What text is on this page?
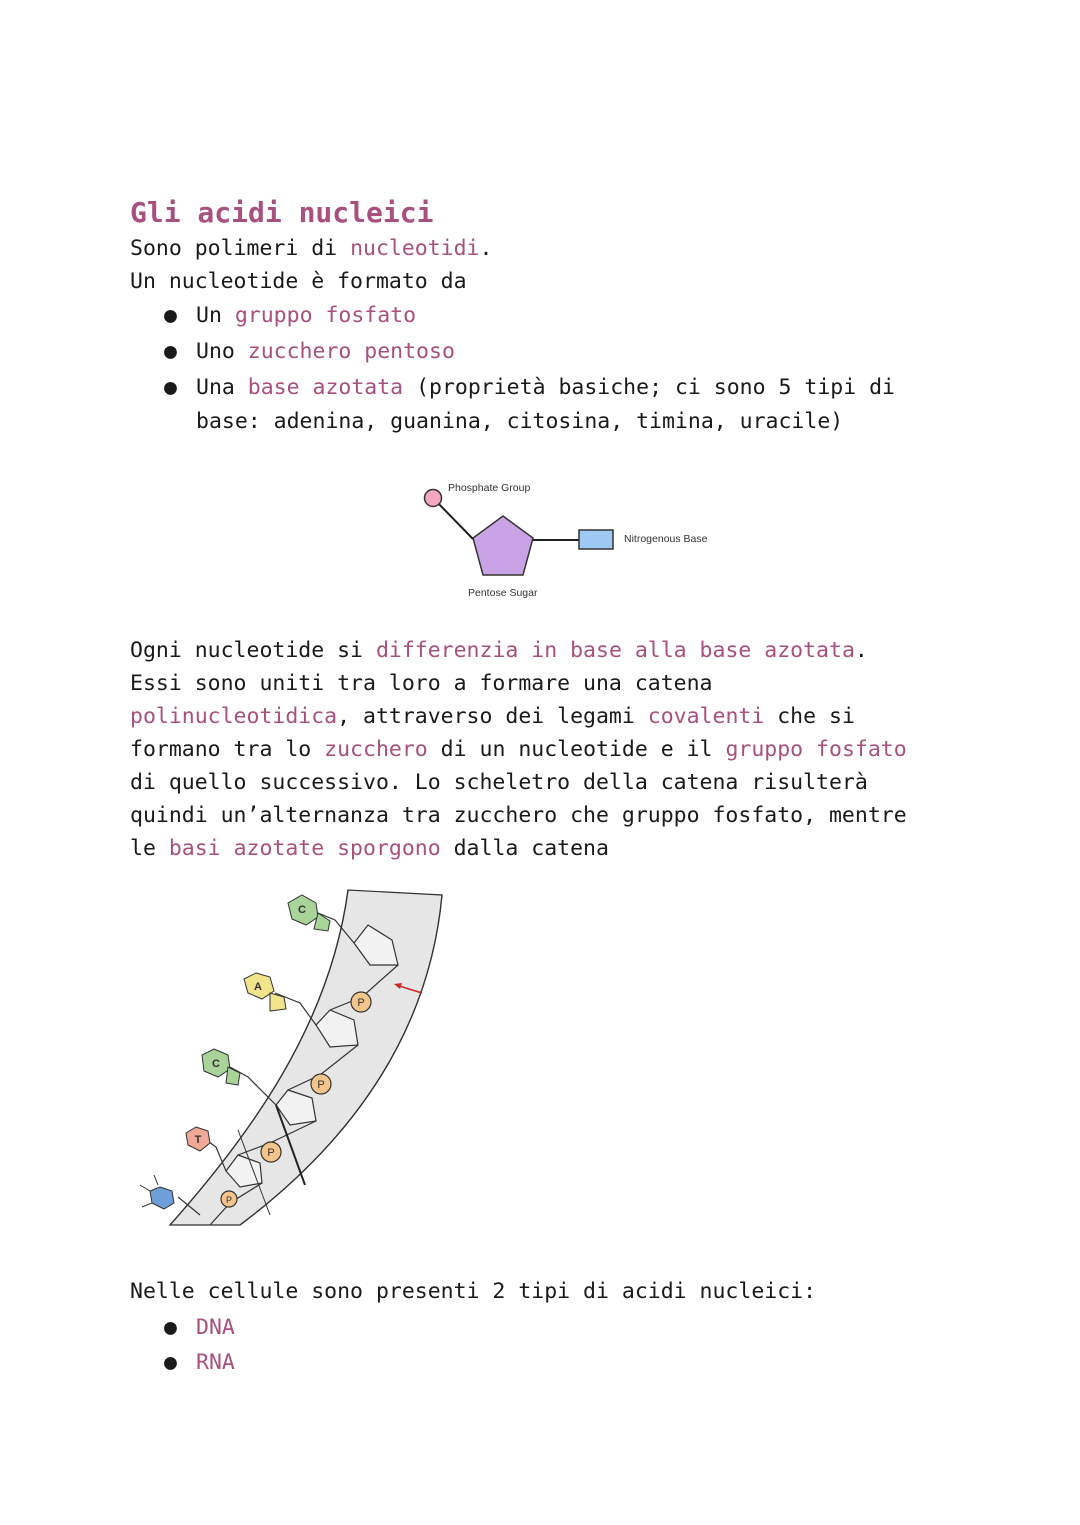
Gli acidi nucleici
Sono polimeri di nucleotidi.
Un nucleotide è formato da
● Un gruppo fosfato
● Uno zucchero pentoso
● Una base azotata (proprietà basiche; ci sono 5 tipi di
base: adenina, guanina, citosina, timina, uracile)
Phosphate Group
Pentose Sugar
Nitrogenous Base
Ogni nucleotide si differenzia in base alla base azotata.
Essi sono uniti tra loro a formare una catena
polinucleotidica, attraverso dei legami covalenti che si
formano tra lo zucchero di un nucleotide e il gruppo fosfato
di quello successivo. Lo scheletro della catena risulterà
quindi un’alternanza tra zucchero che gruppo fosfato, mentre
le basi azotate sporgono dalla catena
P
P
P
P
C
A
C
T
Nelle cellule sono presenti 2 tipi di acidi nucleici:
● DNA
● RNA
